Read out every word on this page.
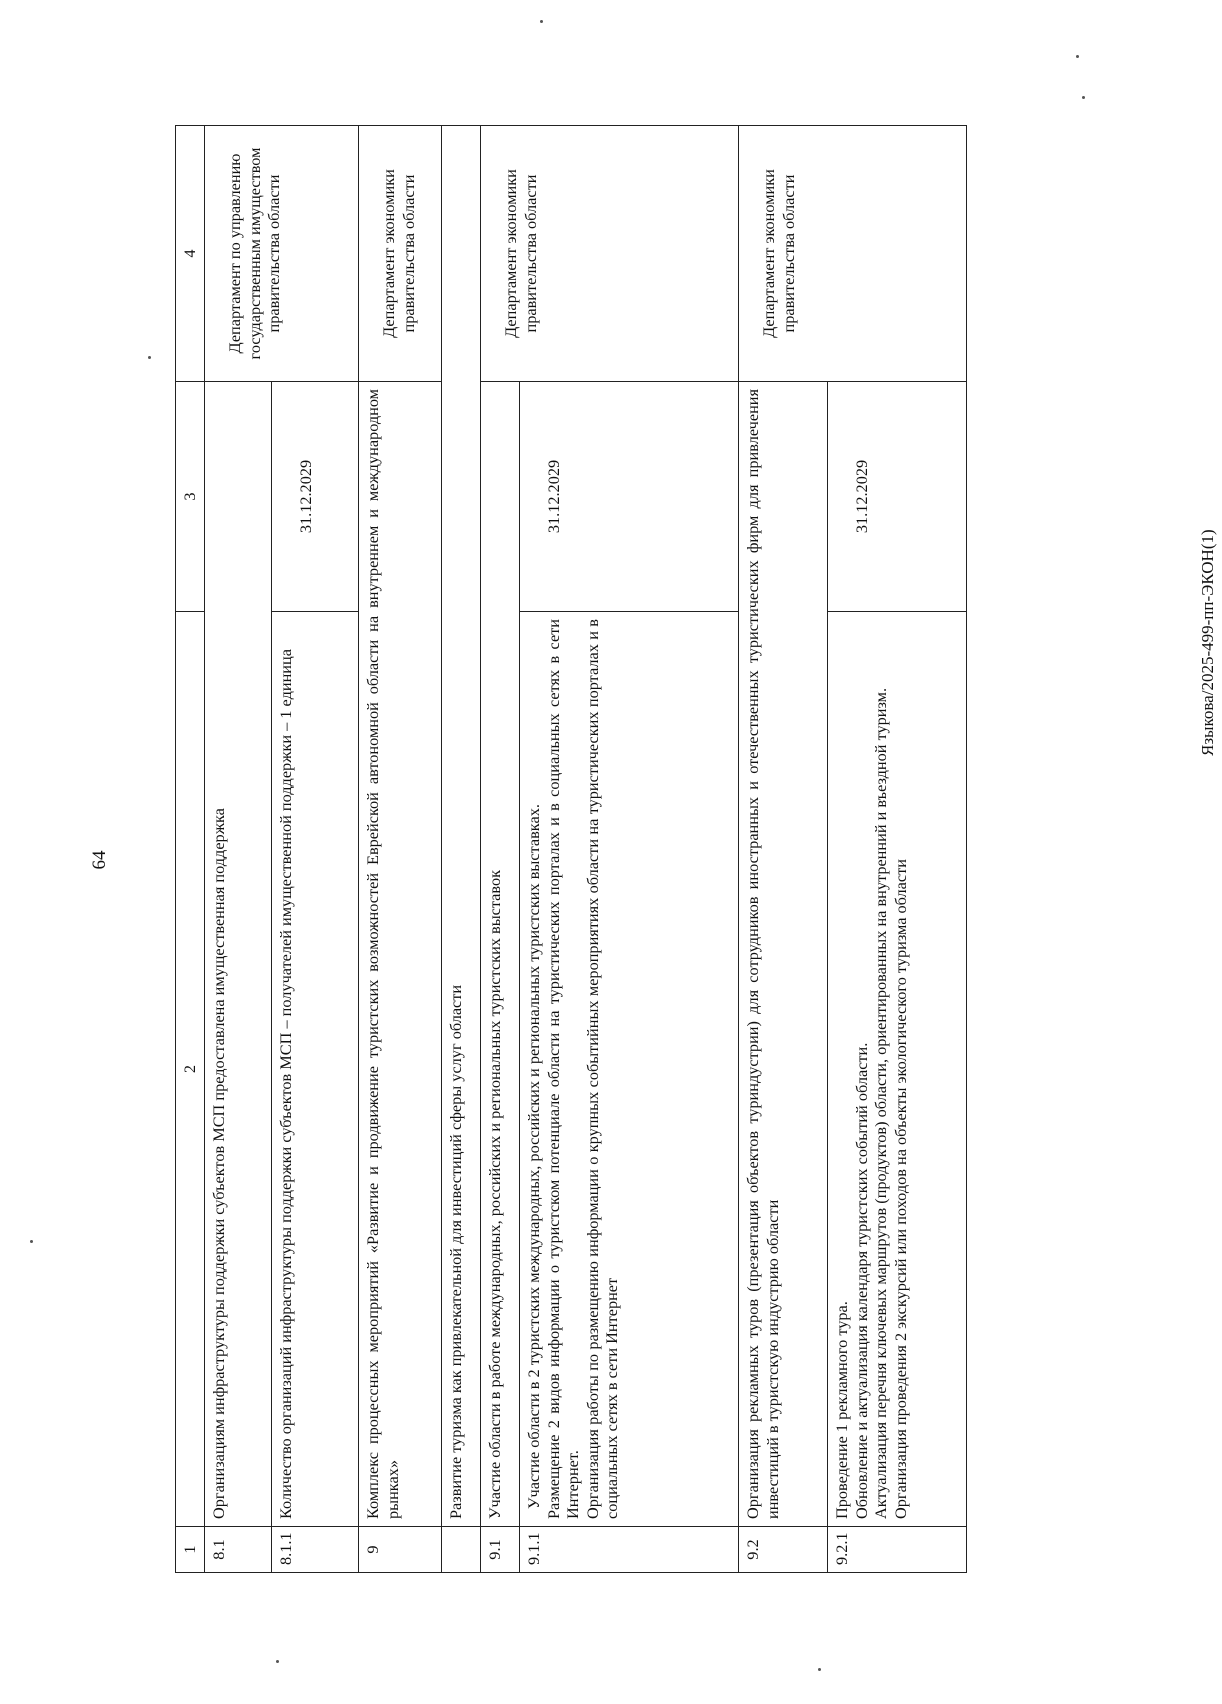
64
Языкова/2025-499-пп-ЭКОН(1)
1	2	3	4
8.1	Организациям инфраструктуры поддержки субъектов МСП предоставлена имущественная поддержка		Департамент по управлению государственным имуществом правительства области
8.1.1	Количество организаций инфраструктуры поддержки субъектов МСП – получателей имущественной поддержки – 1 единица	31.12.2029	
9	Комплекс процессных мероприятий «Развитие и продвижение туристских возможностей Еврейской автономной области на внутреннем и международном рынках»		Департамент экономики правительства области
	Развитие туризма как привлекательной для инвестиций сферы услуг области		
9.1	Участие области в работе международных, российских и региональных туристских выставок		Департамент экономики правительства области
9.1.1	Участие области в 2 туристских международных, российских и региональных туристских выставках. Размещение 2 видов информации о туристском потенциале области на туристических порталах и в социальных сетях в сети Интернет. Организация работы по размещению информации о крупных событийных мероприятиях области на туристических порталах и в социальных сетях в сети Интернет	31.12.2029	
9.2	Организация рекламных туров (презентация объектов туриндустрии) для сотрудников иностранных и отечественных туристических фирм для привлечения инвестиций в туристскую индустрию области		Департамент экономики правительства области
9.2.1	Проведение 1 рекламного тура. Обновление и актуализация календаря туристских событий области. Актуализация перечня ключевых маршрутов (продуктов) области, ориентированных на внутренний и въездной туризм. Организация проведения 2 экскурсий или походов на объекты экологического туризма области	31.12.2029	
